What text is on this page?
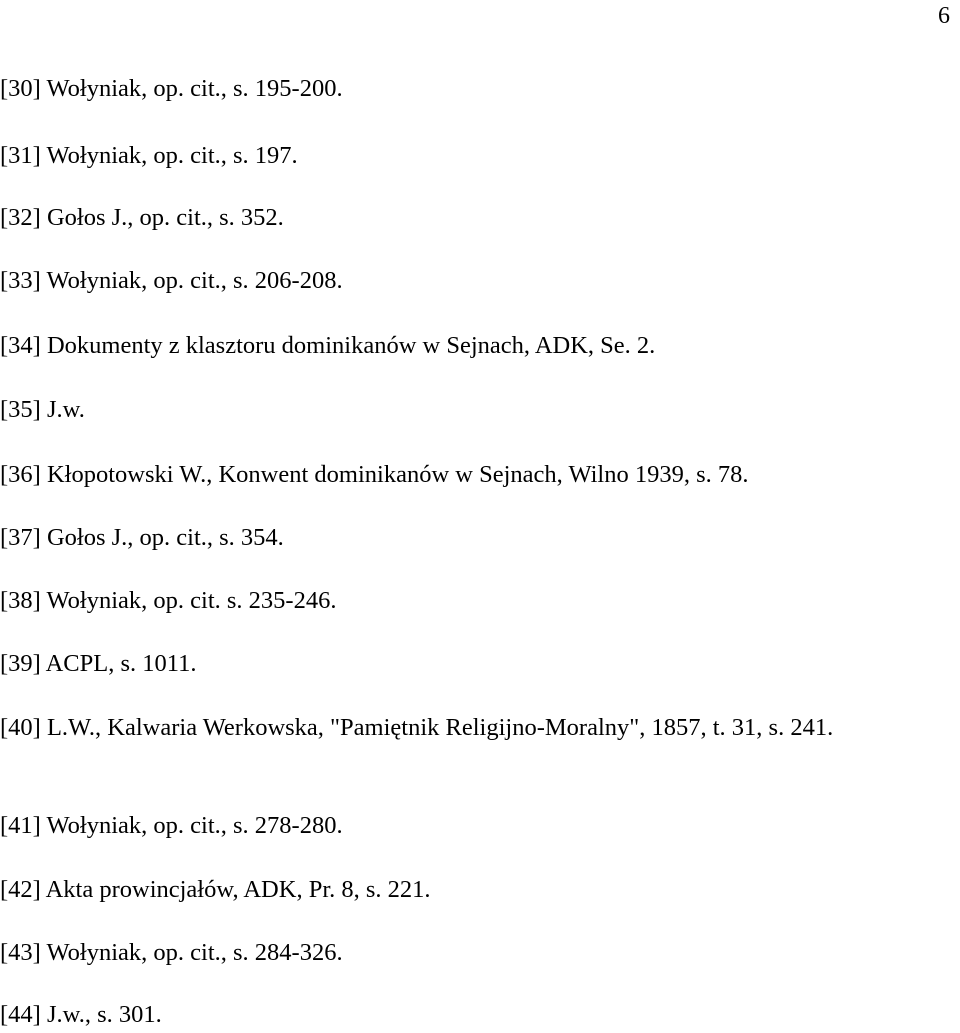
6
[30] Wołyniak, op. cit., s. 195-200.
[31] Wołyniak, op. cit., s. 197.
[32] Gołos J., op. cit., s. 352.
[33] Wołyniak, op. cit., s. 206-208.
[34] Dokumenty z klasztoru dominikanów w Sejnach, ADK, Se. 2.
[35] J.w.
[36] Kłopotowski W., Konwent dominikanów w Sejnach, Wilno 1939, s. 78.
[37] Gołos J., op. cit., s. 354.
[38] Wołyniak, op. cit. s. 235-246.
[39] ACPL, s. 1011.
[40] L.W., Kalwaria Werkowska, "Pamiętnik Religijno-Moralny", 1857, t. 31, s. 241.
[41] Wołyniak, op. cit., s. 278-280.
[42] Akta prowincjałów, ADK, Pr. 8, s. 221.
[43] Wołyniak, op. cit., s. 284-326.
[44] J.w., s. 301.
